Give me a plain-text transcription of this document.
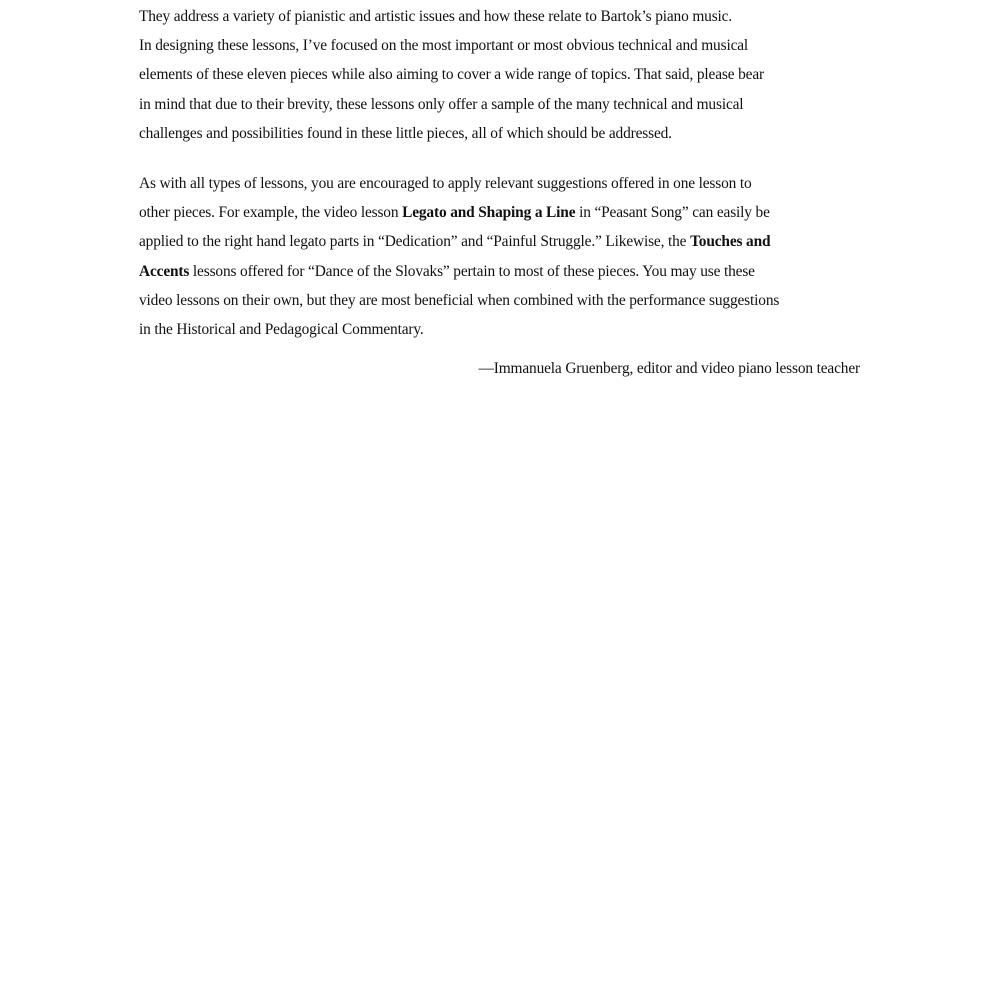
They address a variety of pianistic and artistic issues and how these relate to Bartok’s piano music.

In designing these lessons, I’ve focused on the most important or most obvious technical and musical

elements of these eleven pieces while also aiming to cover a wide range of topics. That said, please bear

in mind that due to their brevity, these lessons only offer a sample of the many technical and musical

challenges and possibilities found in these little pieces, all of which should be addressed.

As with all types of lessons, you are encouraged to apply relevant suggestions offered in one lesson to

other pieces. For example, the video lesson Legato and Shaping a Line in “Peasant Song” can easily be

applied to the right hand legato parts in “Dedication” and “Painful Struggle.” Likewise, the Touches and

Accents lessons offered for “Dance of the Slovaks” pertain to most of these pieces. You may use these

video lessons on their own, but they are most beneficial when combined with the performance suggestions

in the Historical and Pedagogical Commentary.

—Immanuela Gruenberg, editor and video piano lesson teacher
